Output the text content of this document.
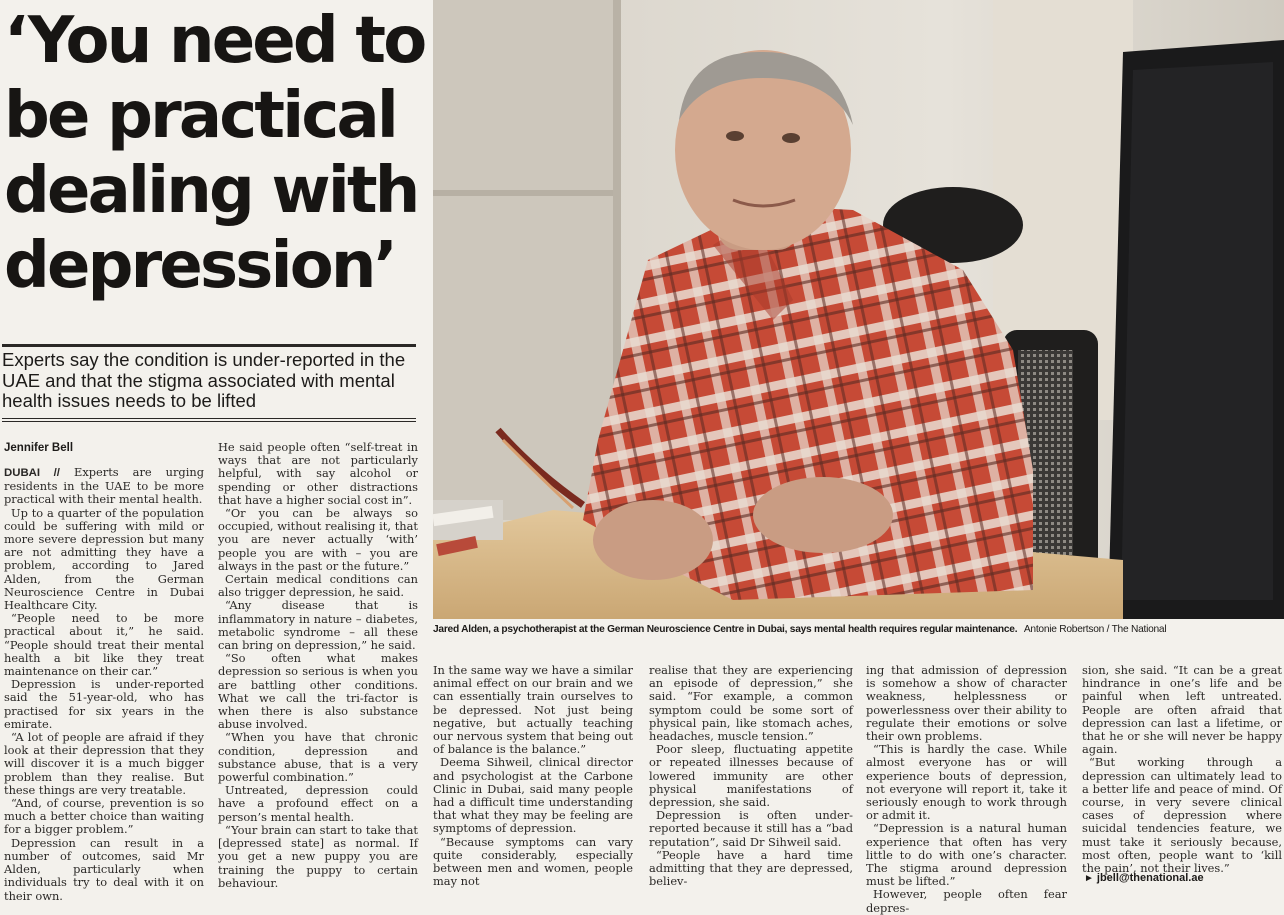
‘You need to
be practical
dealing with
depression’
Experts say the condition is under-reported in the UAE and that the stigma associated with mental health issues needs to be lifted
Jennifer Bell
Jared Alden, a psychotherapist at the German Neuroscience Centre in Dubai, says mental health requires regular maintenance. Antonie Robertson / The National

DUBAI // Experts are urging residents in the UAE to be more practical with their mental health.

Up to a quarter of the population could be suffering with mild or more severe depression but many are not admitting they have a problem, according to Jared Alden, from the German Neuroscience Centre in Dubai Healthcare City.

“People need to be more practical about it,” he said. “People should treat their mental health a bit like they treat maintenance on their car.”

Depression is under-reported said the 51-year-old, who has practised for six years in the emirate.

“A lot of people are afraid if they look at their depression that they will discover it is a much bigger problem than they realise. But these things are very treatable.

“And, of course, prevention is so much a better choice than waiting for a bigger problem.”

Depression can result in a number of outcomes, said Mr Alden, particularly when individuals try to deal with it on their own.

He said people often “self-treat in ways that are not particularly helpful, with say alcohol or spending or other distractions that have a higher social cost in”.

“Or you can be always so occupied, without realising it, that you are never actually ‘with’ people you are with – you are always in the past or the future.”

Certain medical conditions can also trigger depression, he said.

“Any disease that is inflammatory in nature – diabetes, metabolic syndrome – all these can bring on depression,” he said.

“So often what makes depression so serious is when you are battling other conditions. What we call the tri-factor is when there is also substance abuse involved.

“When you have that chronic condition, depression and substance abuse, that is a very powerful combination.”

Untreated, depression could have a profound effect on a person’s mental health.

“Your brain can start to take that [depressed state] as normal. If you get a new puppy you are training the puppy to certain behaviour.

In the same way we have a similar animal effect on our brain and we can essentially train ourselves to be depressed. Not just being negative, but actually teaching our nervous system that being out of balance is the balance.”

Deema Sihweil, clinical director and psychologist at the Carbone Clinic in Dubai, said many people had a difficult time understanding that what they may be feeling are symptoms of depression.

“Because symptoms can vary quite considerably, especially between men and women, people may not

realise that they are experiencing an episode of depression,” she said. “For example, a common symptom could be some sort of physical pain, like stomach aches, headaches, muscle tension.”

Poor sleep, fluctuating appetite or repeated illnesses because of lowered immunity are other physical manifestations of depression, she said.

Depression is often under-reported because it still has a “bad reputation”, said Dr Sihweil said.

“People have a hard time admitting that they are depressed, believ-

ing that admission of depression is somehow a show of character weakness, helplessness or powerlessness over their ability to regulate their emotions or solve their own problems.

“This is hardly the case. While almost everyone has or will experience bouts of depression, not everyone will report it, take it seriously enough to work through or admit it.

“Depression is a natural human experience that often has very little to do with one’s character. The stigma around depression must be lifted.”

However, people often fear depres-

sion, she said. “It can be a great hindrance in one’s life and be painful when left untreated. People are often afraid that depression can last a lifetime, or that he or she will never be happy again.

“But working through a depression can ultimately lead to a better life and peace of mind. Of course, in very severe clinical cases of depression where suicidal tendencies feature, we must take it seriously because, most often, people want to ‘kill the pain’, not their lives.”

► jbell@thenational.ae
